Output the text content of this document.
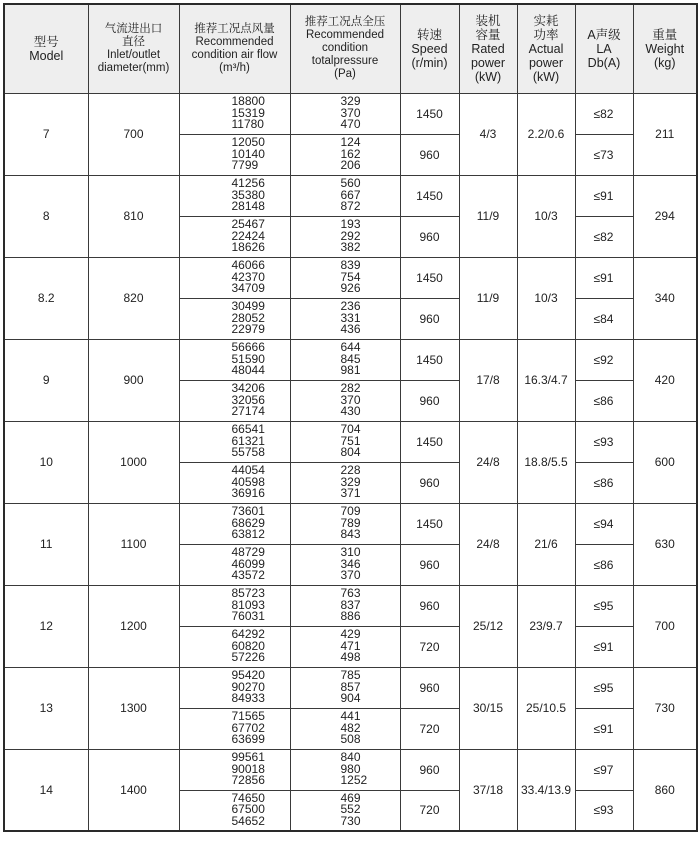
型号
Model	气流进出口
直径
Inlet/outlet
diameter(mm)	推荐工况点风量
Recommended
condition air flow
(m³/h)	推荐工况点全压
Recommended
condition
totalpressure
(Pa)	转速
Speed
(r/min)	装机
容量
Rated
power
(kW)	实耗
功率
Actual
power
(kW)	A声级
LA
Db(A)	重量
Weight
(kg)

7	700	18800
15319
11780	329
370
470	1450	4/3	2.2/0.6	≤82	211

		12050
10140
7799	124
162
206	960			≤73	
8	810	41256
35380
28148	560
667
872	1450	11/9	10/3	≤91	294

		25467
22424
18626	193
292
382	960			≤82	
8.2	820	46066
42370
34709	839
754
926	1450	11/9	10/3	≤91	340

		30499
28052
22979	236
331
436	960			≤84	
9	900	56666
51590
48044	644
845
981	1450	17/8	16.3/4.7	≤92	420

		34206
32056
27174	282
370
430	960			≤86	
10	1000	66541
61321
55758	704
751
804	1450	24/8	18.8/5.5	≤93	600

		44054
40598
36916	228
329
371	960			≤86	
11	1100	73601
68629
63812	709
789
843	1450	24/8	21/6	≤94	630

		48729
46099
43572	310
346
370	960			≤86	
12	1200	85723
81093
76031	763
837
886	960	25/12	23/9.7	≤95	700

		64292
60820
57226	429
471
498	720			≤91	
13	1300	95420
90270
84933	785
857
904	960	30/15	25/10.5	≤95	730

		71565
67702
63699	441
482
508	720			≤91	
14	1400	99561
90018
72856	840
980
1252	960	37/18	33.4/13.9	≤97	860

		74650
67500
54652	469
552
730	720			≤93	
